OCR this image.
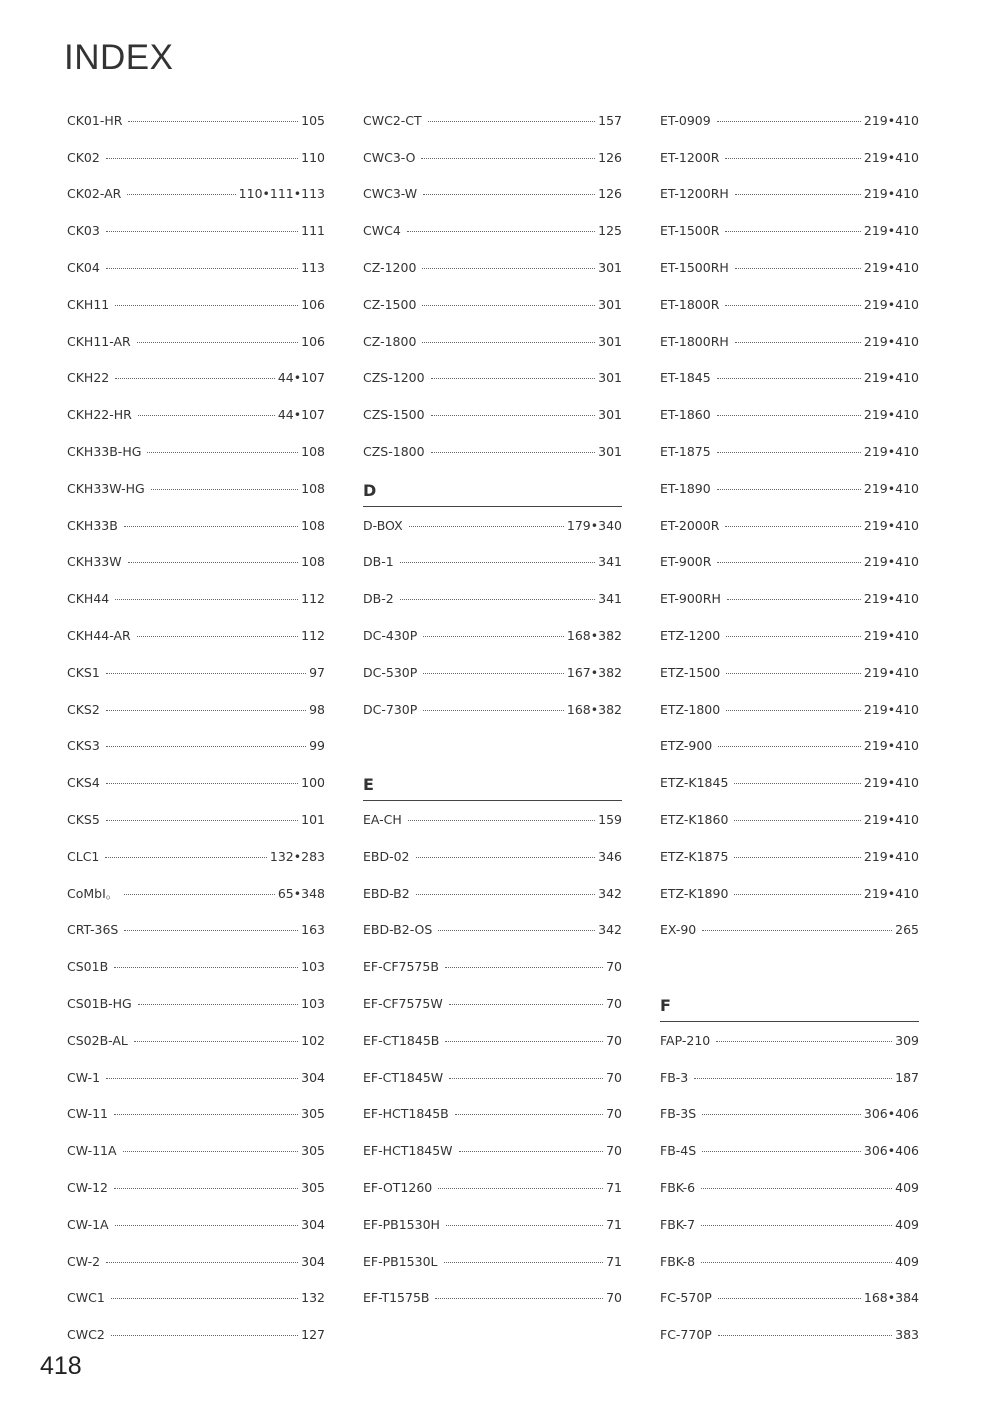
INDEX
CK01-HR	105
CK02	110
CK02-AR	110•111•113
CK03	111
CK04	113
CKH11	106
CKH11-AR	106
CKH22	44•107
CKH22-HR	44•107
CKH33B-HG	108
CKH33W-HG	108
CKH33B	108
CKH33W	108
CKH44	112
CKH44-AR	112
CKS1	97
CKS2	98
CKS3	99
CKS4	100
CKS5	101
CLC1	132•283
CoMbI。	65•348
CRT-36S	163
CS01B	103
CS01B-HG	103
CS02B-AL	102
CW-1	304
CW-11	305
CW-11A	305
CW-12	305
CW-1A	304
CW-2	304
CWC1	132
CWC2	127
CWC2-CT	157
CWC3-O	126
CWC3-W	126
CWC4	125
CZ-1200	301
CZ-1500	301
CZ-1800	301
CZS-1200	301
CZS-1500	301
CZS-1800	301
D
D-BOX	179•340
DB-1	341
DB-2	341
DC-430P	168•382
DC-530P	167•382
DC-730P	168•382
E
EA-CH	159
EBD-02	346
EBD-B2	342
EBD-B2-OS	342
EF-CF7575B	70
EF-CF7575W	70
EF-CT1845B	70
EF-CT1845W	70
EF-HCT1845B	70
EF-HCT1845W	70
EF-OT1260	71
EF-PB1530H	71
EF-PB1530L	71
EF-T1575B	70
ET-0909	219•410
ET-1200R	219•410
ET-1200RH	219•410
ET-1500R	219•410
ET-1500RH	219•410
ET-1800R	219•410
ET-1800RH	219•410
ET-1845	219•410
ET-1860	219•410
ET-1875	219•410
ET-1890	219•410
ET-2000R	219•410
ET-900R	219•410
ET-900RH	219•410
ETZ-1200	219•410
ETZ-1500	219•410
ETZ-1800	219•410
ETZ-900	219•410
ETZ-K1845	219•410
ETZ-K1860	219•410
ETZ-K1875	219•410
ETZ-K1890	219•410
EX-90	265
F
FAP-210	309
FB-3	187
FB-3S	306•406
FB-4S	306•406
FBK-6	409
FBK-7	409
FBK-8	409
FC-570P	168•384
FC-770P	383
418
